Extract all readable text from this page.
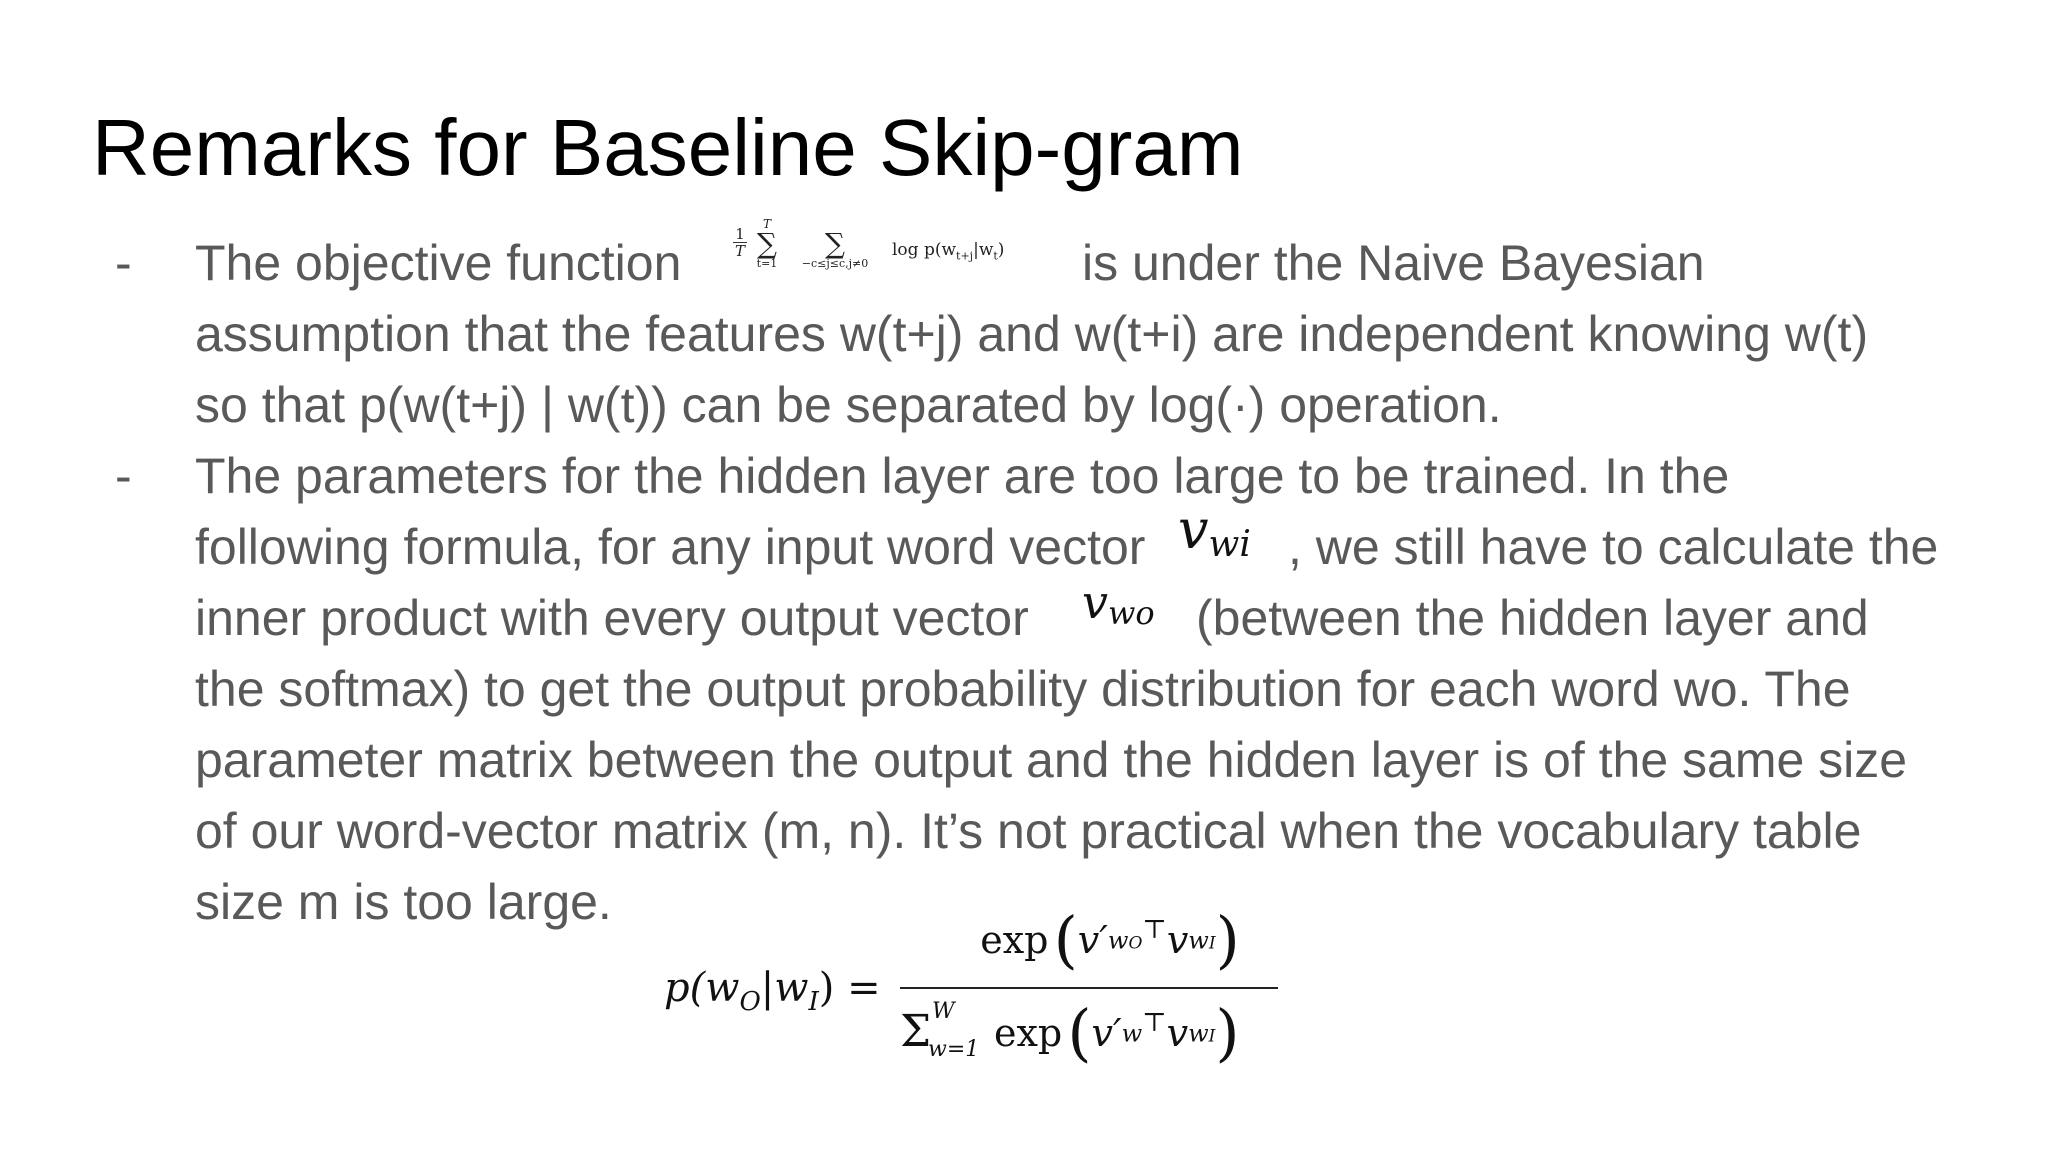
Remarks for Baseline Skip-gram
- The objective function
1
T
T
∑
t=1
∑
−c≤j≤c,j≠0
$\log p(w_{t+j}|w_t)$ is under the Naive Bayesian
assumption that the features w(t+j) and w(t+i) are independent knowing w(t)
so that p(w(t+j) | w(t)) can be separated by log(·) operation.
- The parameters for the hidden layer are too large to be trained. In the
following formula, for any input word vector vwi , we still have to calculate the
inner product with every output vector vwo (between the hidden layer and
the softmax) to get the output probability distribution for each word wo. The
parameter matrix between the output and the hidden layer is of the same size
of our word-vector matrix (m, n). It’s not practical when the vocabulary table
size m is too large.
$p(w_O|w_I)$ =
$\exp (v'_{wO}^⊤v_{wI})$
Σ W
w=1 $\exp (v'_w^⊤v_{wI})$
